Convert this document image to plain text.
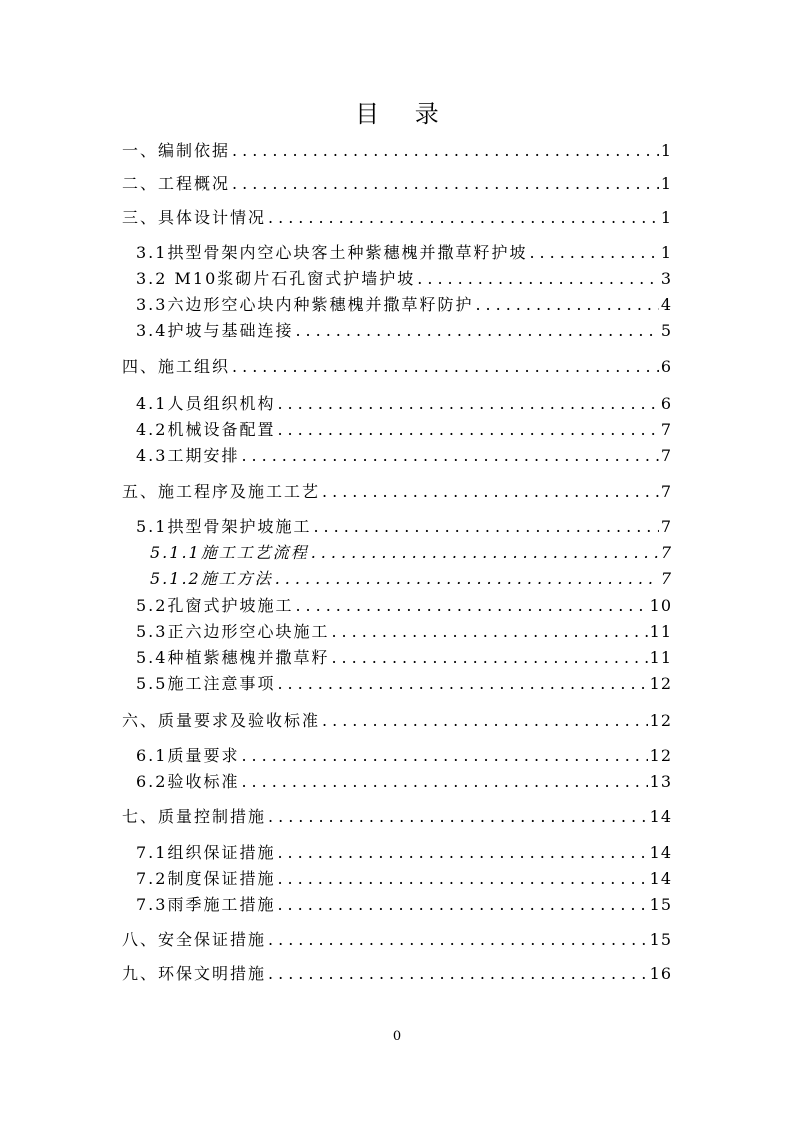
目 录
一、编制依据 .....	1
二、工程概况 .....	1
三、具体设计情况 .....	1
3.1拱型骨架内空心块客土种紫穗槐并撒草籽护坡 .....	1
3.2 M10浆砌片石孔窗式护墙护坡 .....	3
3.3六边形空心块内种紫穗槐并撒草籽防护 .....	4
3.4护坡与基础连接 .....	5
四、施工组织 .....	6
4.1人员组织机构 .....	6
4.2机械设备配置 .....	7
4.3工期安排 .....	7
五、施工程序及施工工艺 .....	7
5.1拱型骨架护坡施工 .....	7
5.1.1施工工艺流程 .....	7
5.1.2施工方法 .....	7
5.2孔窗式护坡施工 .....	10
5.3正六边形空心块施工 .....	11
5.4种植紫穗槐并撒草籽 .....	11
5.5施工注意事项 .....	12
六、质量要求及验收标准 .....	12
6.1质量要求 .....	12
6.2验收标准 .....	13
七、质量控制措施 .....	14
7.1组织保证措施 .....	14
7.2制度保证措施 .....	14
7.3雨季施工措施 .....	15
八、安全保证措施 .....	15
九、环保文明措施 .....	16
0
